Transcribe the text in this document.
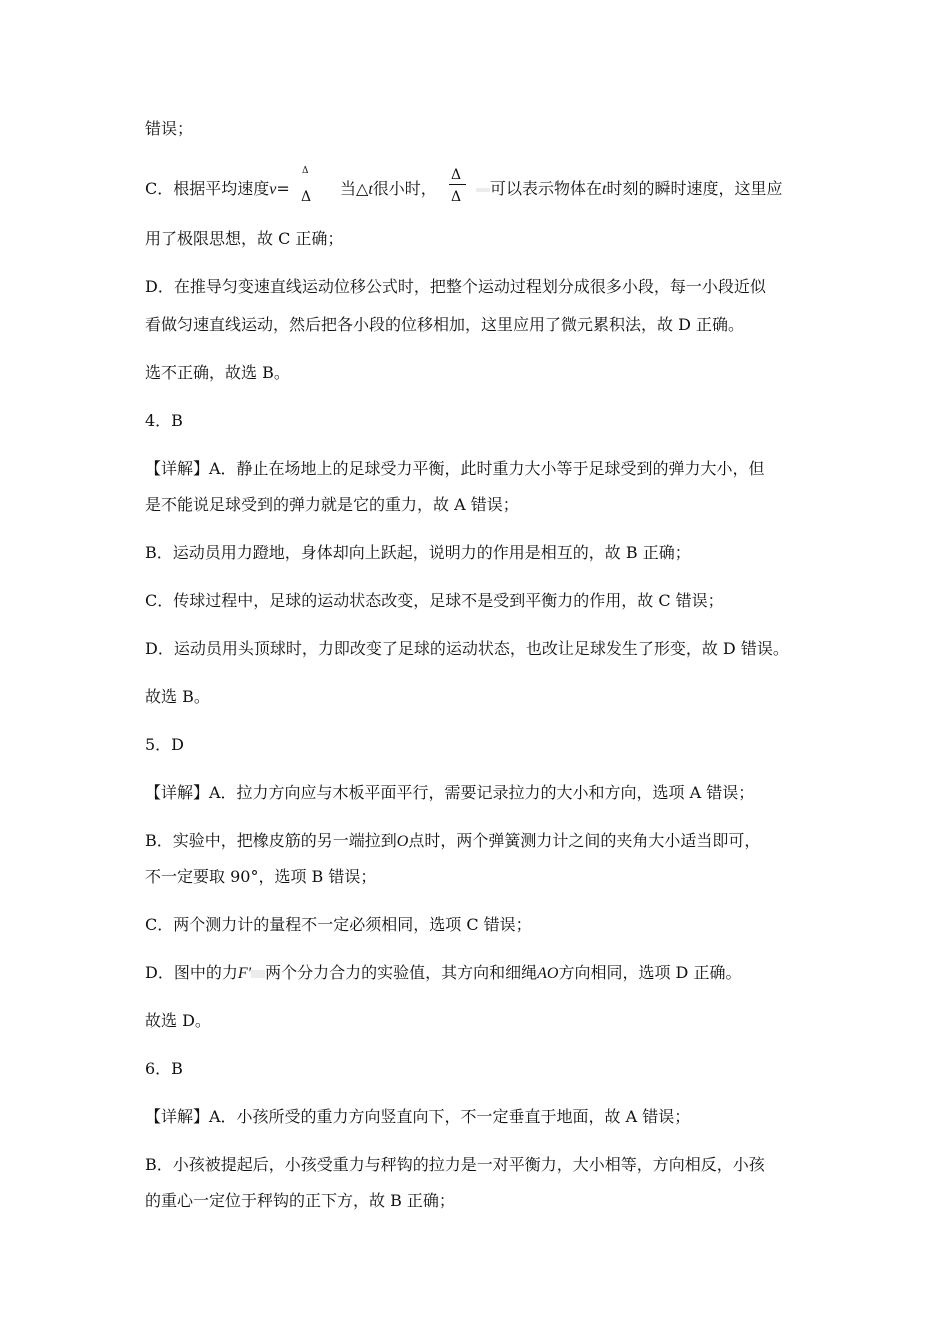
错误；
C．根据平均速度v=
Δ
Δ 当△t很小时，
Δ
Δ	可以表示物体在t时刻的瞬时速度，这里应
用了极限思想，故 C 正确；
D．在推导匀变速直线运动位移公式时，把整个运动过程划分成很多小段，每一小段近似
看做匀速直线运动，然后把各小段的位移相加，这里应用了微元累积法，故 D 正确。
选不正确，故选 B。
4．B
【详解】A．静止在场地上的足球受力平衡，此时重力大小等于足球受到的弹力大小，但
是不能说足球受到的弹力就是它的重力，故 A 错误；
B．运动员用力蹬地，身体却向上跃起，说明力的作用是相互的，故 B 正确；
C．传球过程中，足球的运动状态改变，足球不是受到平衡力的作用，故 C 错误；
D．运动员用头顶球时，力即改变了足球的运动状态，也改让足球发生了形变，故 D 错误。
故选 B。
5．D
【详解】A．拉力方向应与木板平面平行，需要记录拉力的大小和方向，选项 A 错误；
B．实验中，把橡皮筋的另一端拉到O点时，两个弹簧测力计之间的夹角大小适当即可，
不一定要取 90°，选项 B 错误；
C．两个测力计的量程不一定必须相同，选项 C 错误；
D．图中的力F′ 两个分力合力的实验值，其方向和细绳AO方向相同，选项 D 正确。
故选 D。
6．B
【详解】A．小孩所受的重力方向竖直向下，不一定垂直于地面，故 A 错误；
B．小孩被提起后，小孩受重力与秤钩的拉力是一对平衡力，大小相等，方向相反，小孩
的重心一定位于秤钩的正下方，故 B 正确；
